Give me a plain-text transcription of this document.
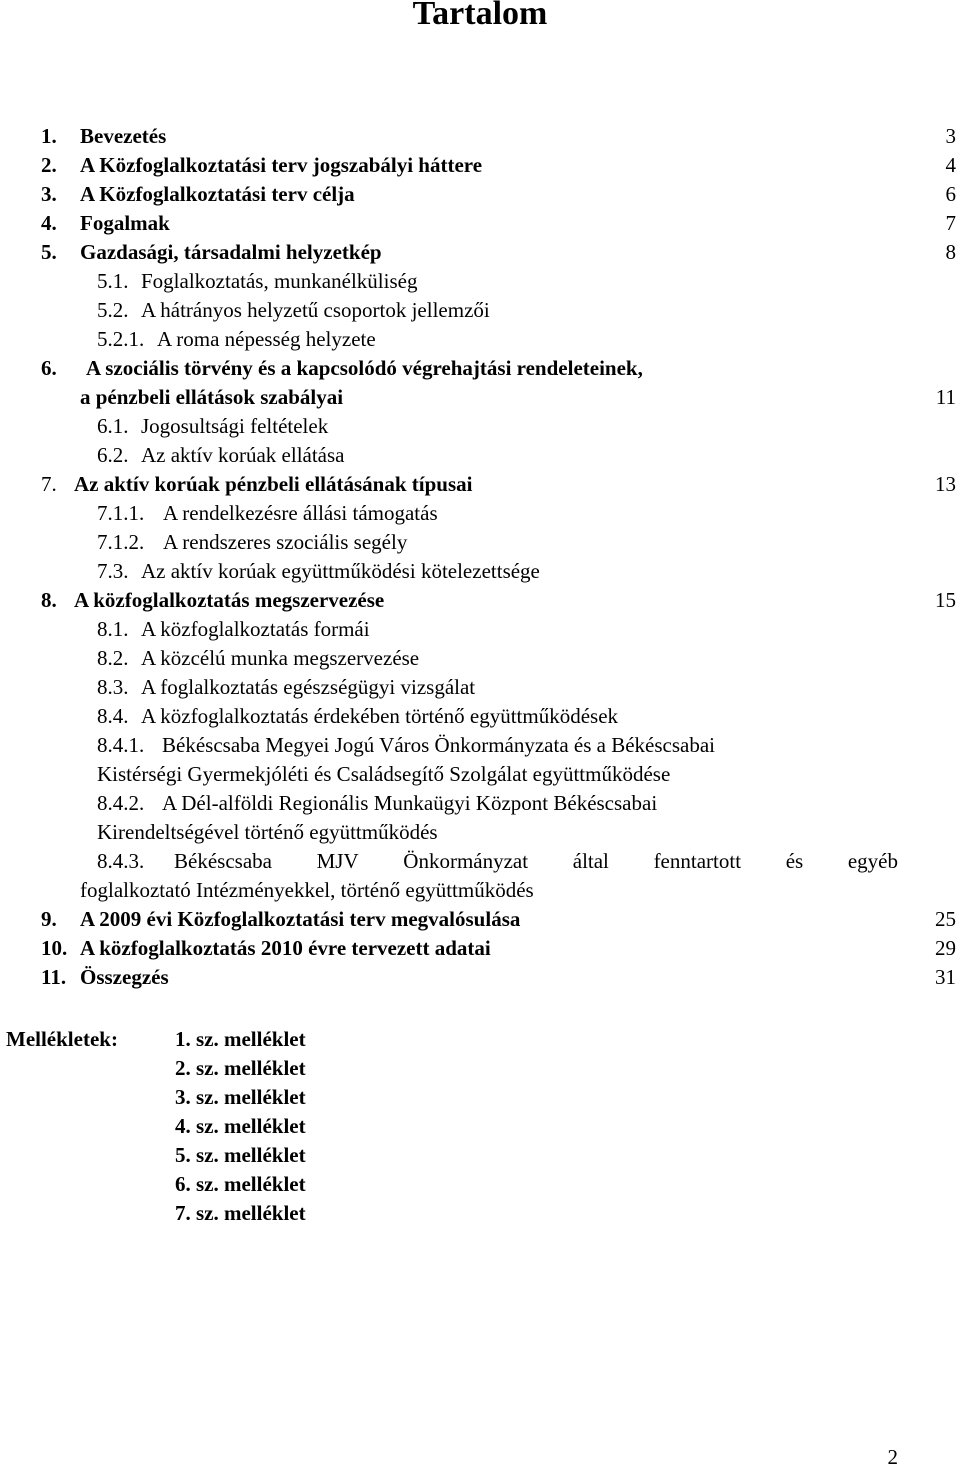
Tartalom
1. Bevezetés	3
2. A Közfoglalkoztatási terv jogszabályi háttere	4
3. A Közfoglalkoztatási terv célja	6
4. Fogalmak	7
5. Gazdasági, társadalmi helyzetkép	8
5.1. Foglalkoztatás, munkanélküliség
5.2. A hátrányos helyzetű csoportok jellemzői
5.2.1. A roma népesség helyzete
6. A szociális törvény és a kapcsolódó végrehajtási rendeleteinek,
a pénzbeli ellátások szabályai	11
6.1. Jogosultsági feltételek
6.2. Az aktív korúak ellátása
7. Az aktív korúak pénzbeli ellátásának típusai	13
7.1.1. A rendelkezésre állási támogatás
7.1.2. A rendszeres szociális segély
7.3. Az aktív korúak együttműködési kötelezettsége
8. A közfoglalkoztatás megszervezése	15
8.1. A közfoglalkoztatás formái
8.2. A közcélú munka megszervezése
8.3. A foglalkoztatás egészségügyi vizsgálat
8.4. A közfoglalkoztatás érdekében történő együttműködések
8.4.1. Békéscsaba Megyei Jogú Város Önkormányzata és a Békéscsabai
Kistérségi Gyermekjóléti és Családsegítő Szolgálat együttműködése
8.4.2. A Dél-alföldi Regionális Munkaügyi Központ Békéscsabai
Kirendeltségével történő együttműködés
8.4.3. Békéscsaba MJV Önkormányzat által fenntartott és egyéb
foglalkoztató Intézményekkel, történő együttműködés
9. A 2009 évi Közfoglalkoztatási terv megvalósulása	25
10. A közfoglalkoztatás 2010 évre tervezett adatai	29
11. Összegzés	31
Mellékletek:	1. sz. melléklet
2. sz. melléklet
3. sz. melléklet
4. sz. melléklet
5. sz. melléklet
6. sz. melléklet
7. sz. melléklet
2
